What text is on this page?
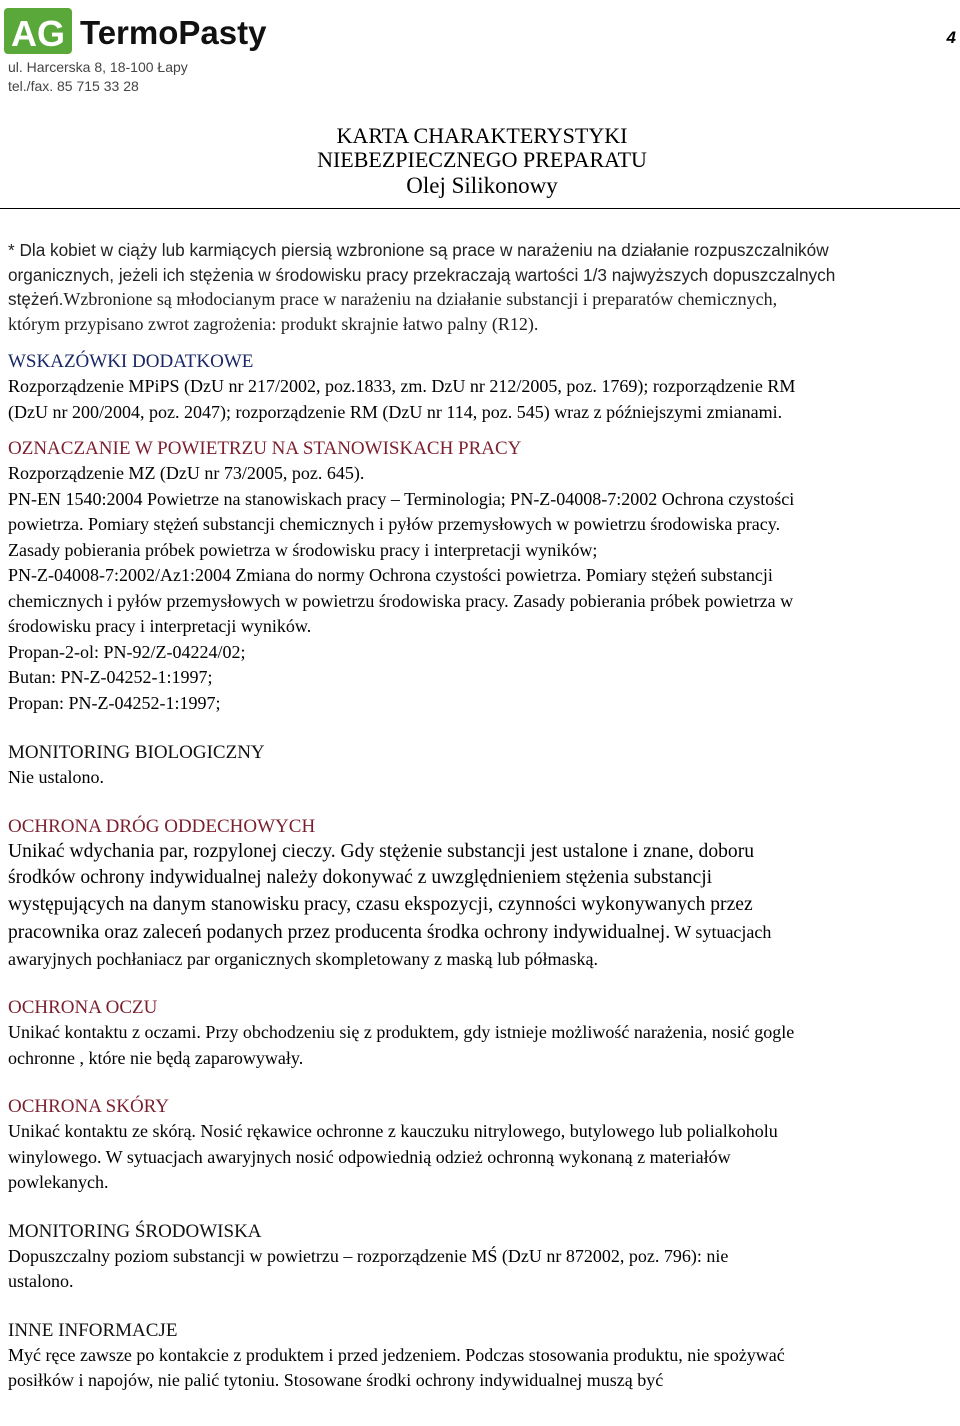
AG TermoPasty
ul. Harcerska 8, 18-100 Łapy
tel./fax. 85 715 33 28
4
KARTA CHARAKTERYSTYKI
NIEBEZPIECZNEGO PREPARATU
Olej Silikonowy
* Dla kobiet w ciąży lub karmiących piersią wzbronione są prace w narażeniu na działanie rozpuszczalników
organicznych, jeżeli ich stężenia w środowisku pracy przekraczają wartości 1/3 najwyższych dopuszczalnych
stężeń.Wzbronione są młodocianym prace w narażeniu na działanie substancji i preparatów chemicznych,
którym przypisano zwrot zagrożenia: produkt skrajnie łatwo palny (R12).
WSKAZÓWKI DODATKOWE
Rozporządzenie MPiPS (DzU nr 217/2002, poz.1833, zm. DzU nr 212/2005, poz. 1769); rozporządzenie RM
(DzU nr 200/2004, poz. 2047); rozporządzenie RM (DzU nr 114, poz. 545) wraz z późniejszymi zmianami.
OZNACZANIE W POWIETRZU NA STANOWISKACH PRACY
Rozporządzenie MZ (DzU nr 73/2005, poz. 645).
PN-EN 1540:2004 Powietrze na stanowiskach pracy – Terminologia; PN-Z-04008-7:2002 Ochrona czystości
powietrza. Pomiary stężeń substancji chemicznych i pyłów przemysłowych w powietrzu środowiska pracy.
Zasady pobierania próbek powietrza w środowisku pracy i interpretacji wyników;
PN-Z-04008-7:2002/Az1:2004 Zmiana do normy Ochrona czystości powietrza. Pomiary stężeń substancji
chemicznych i pyłów przemysłowych w powietrzu środowiska pracy. Zasady pobierania próbek powietrza w
środowisku pracy i interpretacji wyników.
Propan-2-ol: PN-92/Z-04224/02;
Butan: PN-Z-04252-1:1997;
Propan: PN-Z-04252-1:1997;
MONITORING BIOLOGICZNY
Nie ustalono.
OCHRONA DRÓG ODDECHOWYCH
Unikać wdychania par, rozpylonej cieczy. Gdy stężenie substancji jest ustalone i znane, doboru
środków ochrony indywidualnej należy dokonywać z uwzględnieniem stężenia substancji
występujących na danym stanowisku pracy, czasu ekspozycji, czynności wykonywanych przez
pracownika oraz zaleceń podanych przez producenta środka ochrony indywidualnej. W sytuacjach
awaryjnych pochłaniacz par organicznych skompletowany z maską lub półmaską.
OCHRONA OCZU
Unikać kontaktu z oczami. Przy obchodzeniu się z produktem, gdy istnieje możliwość narażenia, nosić gogle
ochronne , które nie będą zaparowywały.
OCHRONA SKÓRY
Unikać kontaktu ze skórą. Nosić rękawice ochronne z kauczuku nitrylowego, butylowego lub polialkoholu
winylowego. W sytuacjach awaryjnych nosić odpowiednią odzież ochronną wykonaną z materiałów
powlekanych.
MONITORING ŚRODOWISKA
Dopuszczalny poziom substancji w powietrzu – rozporządzenie MŚ (DzU nr 872002, poz. 796): nie
ustalono.
INNE INFORMACJE
Myć ręce zawsze po kontakcie z produktem i przed jedzeniem. Podczas stosowania produktu, nie spożywać
posiłków i napojów, nie palić tytoniu. Stosowane środki ochrony indywidualnej muszą być
